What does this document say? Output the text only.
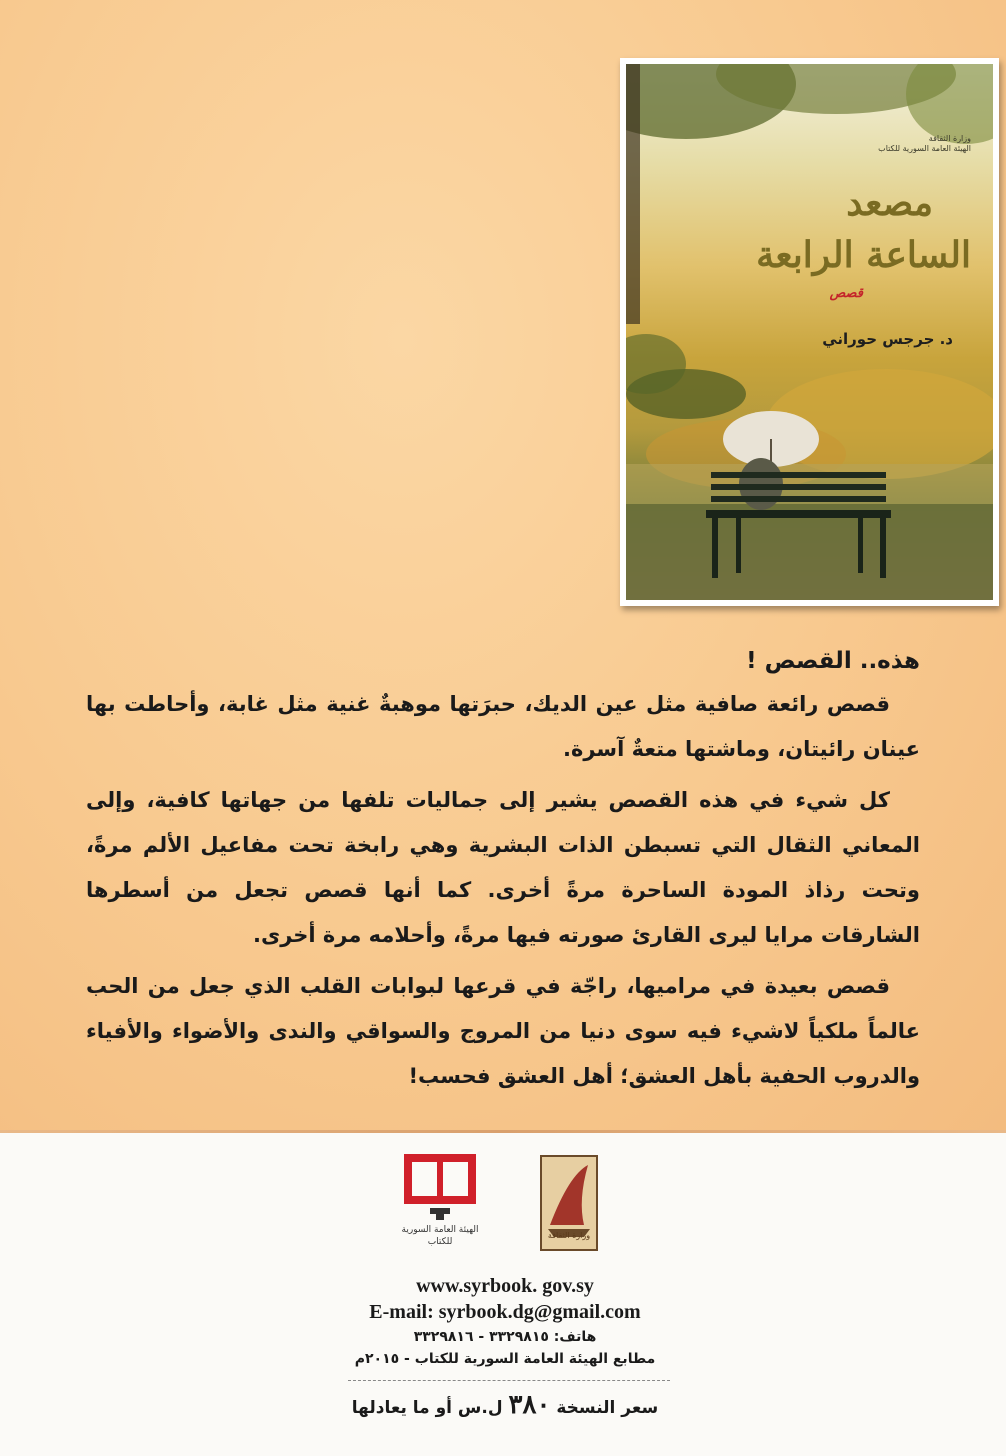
وزارة الثقافة
الهيئة العامة السورية للكتاب
مصعد
الساعة الرابعة
قصص
د. جرجس حوراني

هذه.. القصص !

قصص رائعة صافية مثل عين الديك، حبرَتها موهبةٌ غنية مثل غابة، وأحاطت بها عينان رائيتان، وماشتها متعةٌ آسرة.

كل شيء في هذه القصص يشير إلى جماليات تلفها من جهاتها كافية، وإلى المعاني الثقال التي تسبطن الذات البشرية وهي رابخة تحت مفاعيل الألم مرةً، وتحت رذاذ المودة الساحرة مرةً أخرى. كما أنها قصص تجعل من أسطرها الشارقات مرايا ليرى القارئ صورته فيها مرةً، وأحلامه مرة أخرى.

قصص بعيدة في مراميها، راجّة في قرعها لبوابات القلب الذي جعل من الحب عالماً ملكياً لاشيء فيه سوى دنيا من المروج والسواقي والندى والأضواء والأفياء والدروب الحفية بأهل العشق؛ أهل العشق فحسب!

الهيئة العامة السورية للكتاب
وزارة الثقافة
www.syrbook. gov.sy
E-mail: syrbook.dg@gmail.com
هاتف: ٣٣٢٩٨١٥ - ٣٣٢٩٨١٦
مطابع الهيئة العامة السورية للكتاب - ٢٠١٥م
سعر النسخة ٣٨٠ ل.س أو ما يعادلها
